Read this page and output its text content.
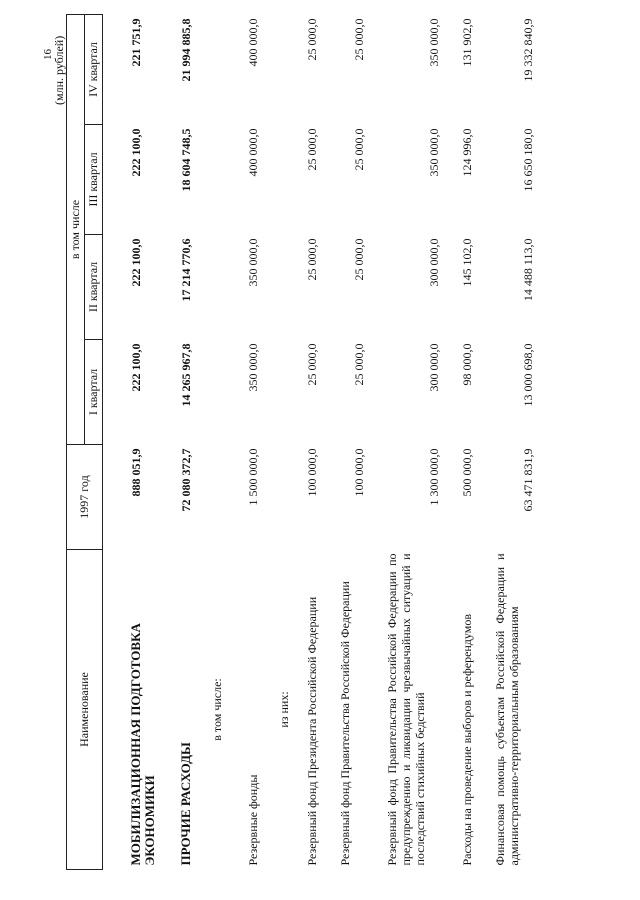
16
(млн. рублей)
Наименование	1997 год	в том числе			
		I квартал	II квартал	III квартал	IV квартал
МОБИЛИЗАЦИОННАЯ ПОДГОТОВКА ЭКОНОМИКИ	888 051,9	222 100,0	222 100,0	222 100,0	221 751,9
ПРОЧИЕ РАСХОДЫ	72 080 372,7	14 265 967,8	17 214 770,6	18 604 748,5	21 994 885,8
в том числе:					
Резервные фонды	1 500 000,0	350 000,0	350 000,0	400 000,0	400 000,0
из них:					
Резервный фонд Президента Российской Федерации	100 000,0	25 000,0	25 000,0	25 000,0	25 000,0
Резервный фонд Правительства Российской Федерации	100 000,0	25 000,0	25 000,0	25 000,0	25 000,0
Резервный фонд Правительства Российской Федерации по предупреждению и ликвидации чрезвычайных ситуаций и последствий стихийных бедствий	1 300 000,0	300 000,0	300 000,0	350 000,0	350 000,0
Расходы на проведение выборов и референдумов	500 000,0	98 000,0	145 102,0	124 996,0	131 902,0
Финансовая помощь субъектам Российской Федерации и административно-территориальным образованиям	63 471 831,9	13 000 698,0	14 488 113,0	16 650 180,0	19 332 840,9
